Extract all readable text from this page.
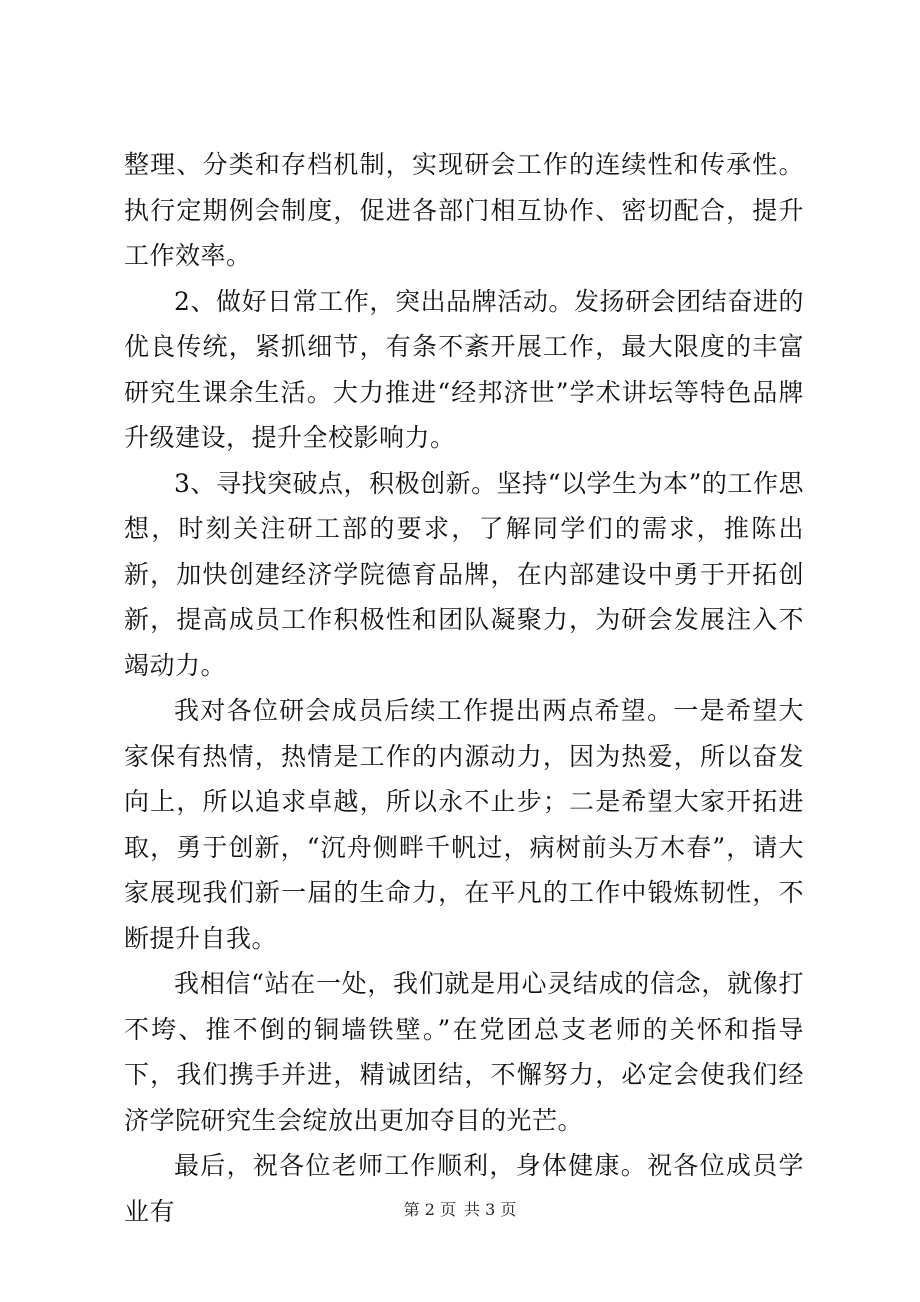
整理、分类和存档机制，实现研会工作的连续性和传承性。执行定期例会制度，促进各部门相互协作、密切配合，提升工作效率。

2、做好日常工作，突出品牌活动。发扬研会团结奋进的优良传统，紧抓细节，有条不紊开展工作，最大限度的丰富研究生课余生活。大力推进“经邦济世”学术讲坛等特色品牌升级建设，提升全校影响力。

3、寻找突破点，积极创新。坚持“以学生为本”的工作思想，时刻关注研工部的要求，了解同学们的需求，推陈出新，加快创建经济学院德育品牌，在内部建设中勇于开拓创新，提高成员工作积极性和团队凝聚力，为研会发展注入不竭动力。

我对各位研会成员后续工作提出两点希望。一是希望大家保有热情，热情是工作的内源动力，因为热爱，所以奋发向上，所以追求卓越，所以永不止步；二是希望大家开拓进取，勇于创新，“沉舟侧畔千帆过，病树前头万木春”，请大家展现我们新一届的生命力，在平凡的工作中锻炼韧性，不断提升自我。

我相信“站在一处，我们就是用心灵结成的信念，就像打不垮、推不倒的铜墙铁壁。”在党团总支老师的关怀和指导下，我们携手并进，精诚团结，不懈努力，必定会使我们经济学院研究生会绽放出更加夺目的光芒。

最后，祝各位老师工作顺利，身体健康。祝各位成员学业有	第 2 页 共 3 页
